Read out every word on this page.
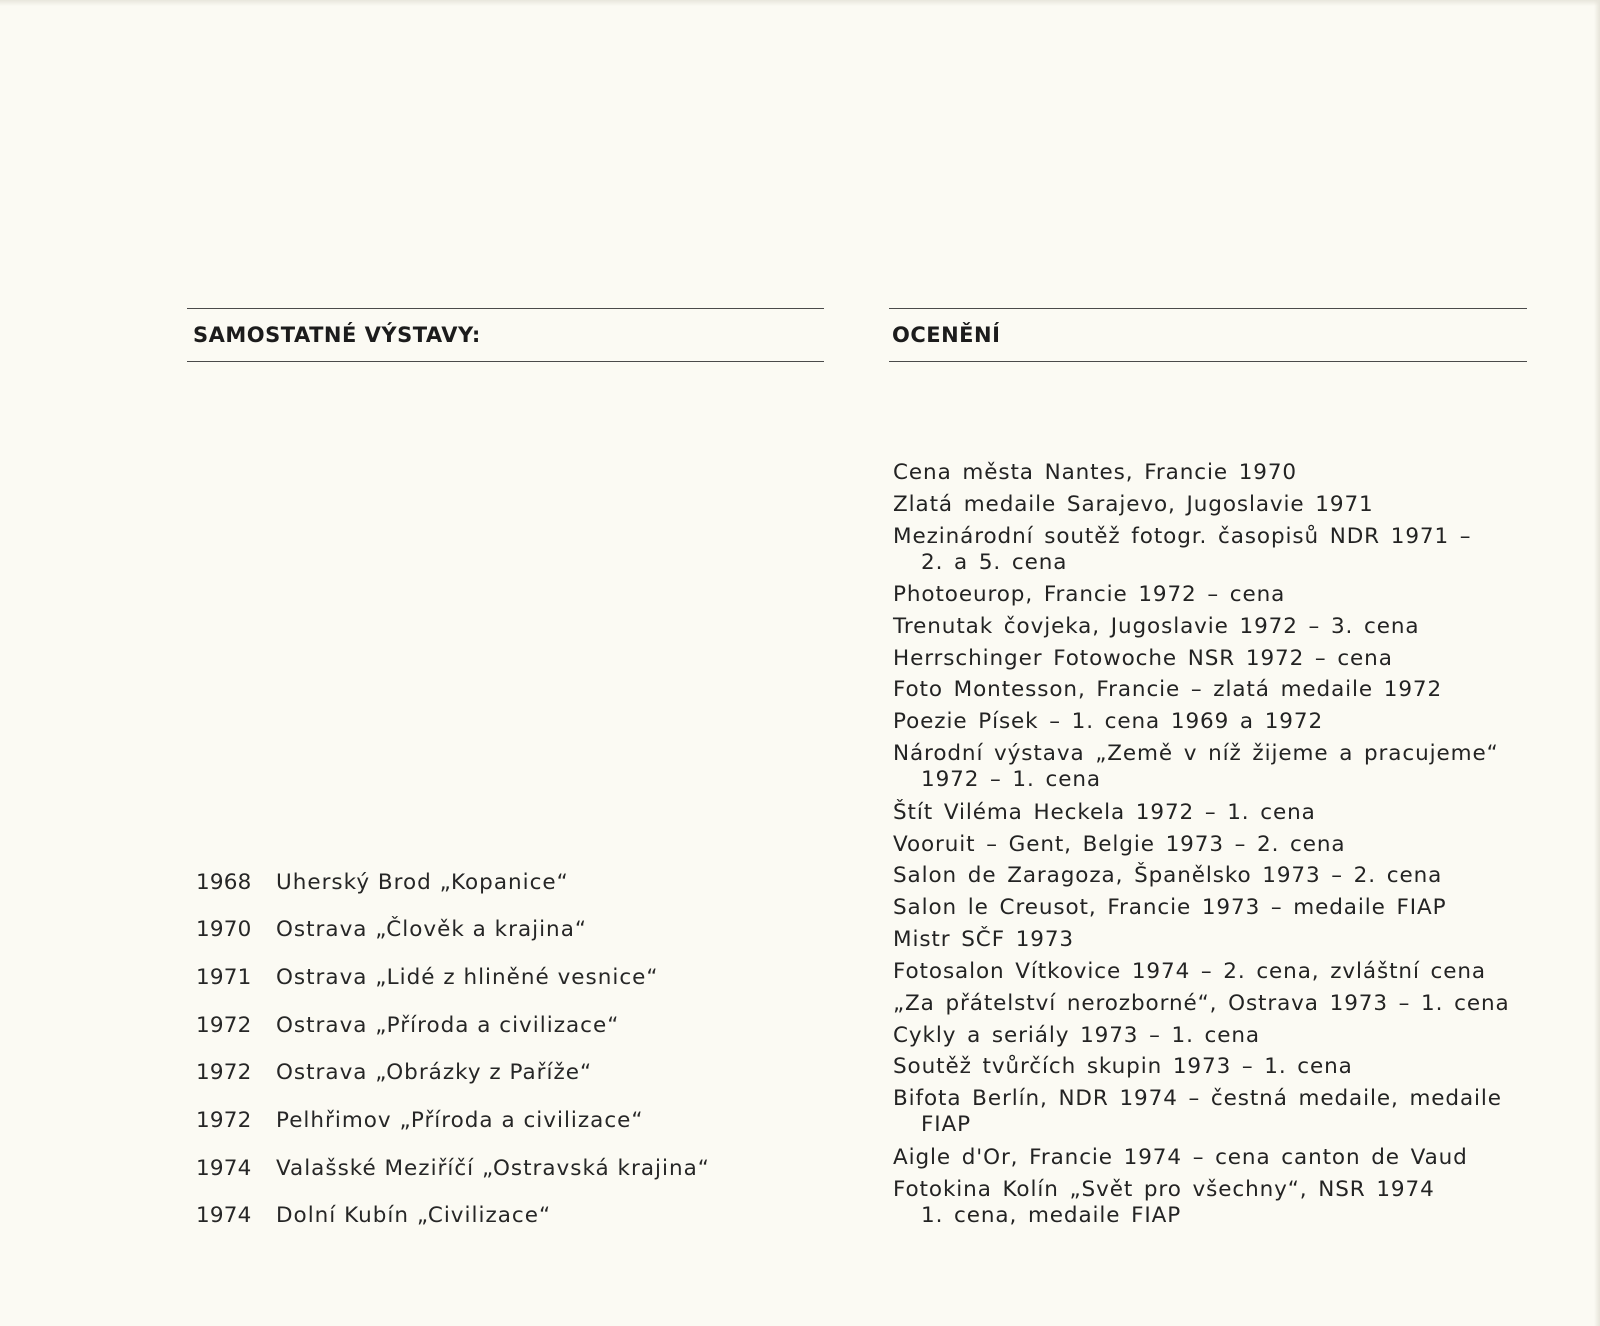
SAMOSTATNÉ VÝSTAVY:	OCENĚNÍ
1968 Uherský Brod „Kopanice“
1970 Ostrava „Člověk a krajina“
1971 Ostrava „Lidé z hliněné vesnice“
1972 Ostrava „Příroda a civilizace“
1972 Ostrava „Obrázky z Paříže“
1972 Pelhřimov „Příroda a civilizace“
1974 Valašské Meziříčí „Ostravská krajina“
1974 Dolní Kubín „Civilizace“
Cena města Nantes, Francie 1970
Zlatá medaile Sarajevo, Jugoslavie 1971
Mezinárodní soutěž fotogr. časopisů NDR 1971 –
2. a 5. cena
Photoeurop, Francie 1972 – cena
Trenutak čovjeka, Jugoslavie 1972 – 3. cena
Herrschinger Fotowoche NSR 1972 – cena
Foto Montesson, Francie – zlatá medaile 1972
Poezie Písek – 1. cena 1969 a 1972
Národní výstava „Země v níž žijeme a pracujeme“
1972 – 1. cena
Štít Viléma Heckela 1972 – 1. cena
Vooruit – Gent, Belgie 1973 – 2. cena
Salon de Zaragoza, Španělsko 1973 – 2. cena
Salon le Creusot, Francie 1973 – medaile FIAP
Mistr SČF 1973
Fotosalon Vítkovice 1974 – 2. cena, zvláštní cena
„Za přátelství nerozborné“, Ostrava 1973 – 1. cena
Cykly a seriály 1973 – 1. cena
Soutěž tvůrčích skupin 1973 – 1. cena
Bifota Berlín, NDR 1974 – čestná medaile, medaile
FIAP
Aigle d'Or, Francie 1974 – cena canton de Vaud
Fotokina Kolín „Svět pro všechny“, NSR 1974
1. cena, medaile FIAP
